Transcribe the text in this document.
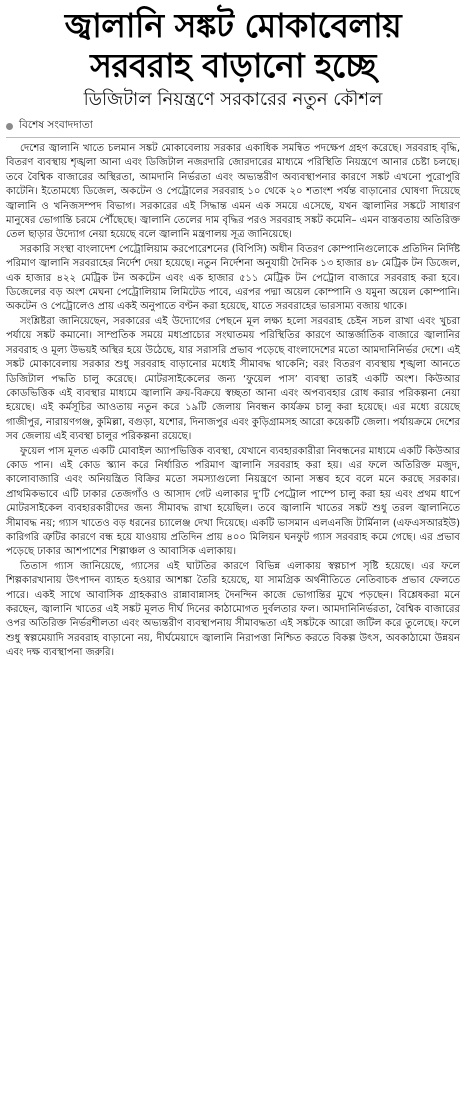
জ্বালানি সঙ্কট মোকাবেলায়
সরবরাহ বাড়ানো হচ্ছে
ডিজিটাল নিয়ন্ত্রণে সরকারের নতুন কৌশল
বিশেষ সংবাদদাতা

দেশের জ্বালানি খাতে চলমান সঙ্কট মোকাবেলায় সরকার একাধিক সমন্বিত পদক্ষেপ গ্রহণ করেছে। সরবরাহ বৃদ্ধি, বিতরণ ব্যবস্থায় শৃঙ্খলা আনা এবং ডিজিটাল নজরদারি জোরদারের মাধ্যমে পরিস্থিতি নিয়ন্ত্রণে আনার চেষ্টা চলছে। তবে বৈশ্বিক বাজারের অস্থিরতা, আমদানি নির্ভরতা এবং অভ্যন্তরীণ অব্যবস্থাপনার কারণে সঙ্কট এখনো পুরোপুরি কাটেনি। ইতোমধ্যে ডিজেল, অকটেন ও পেট্রোলের সরবরাহ ১০ থেকে ২০ শতাংশ পর্যন্ত বাড়ানোর ঘোষণা দিয়েছে জ্বালানি ও খনিজসম্পদ বিভাগ। সরকারের এই সিদ্ধান্ত এমন এক সময়ে এসেছে, যখন জ্বালানির সঙ্কটে সাধারণ মানুষের ভোগান্তি চরমে পৌঁছেছে। জ্বালানি তেলের দাম বৃদ্ধির পরও সরবরাহ সঙ্কট কমেনি– এমন বাস্তবতায় অতিরিক্ত তেল ছাড়ার উদ্যোগ নেয়া হয়েছে বলে জ্বালানি মন্ত্রণালয় সূত্র জানিয়েছে।

সরকারি সংস্থা বাংলাদেশ পেট্রোলিয়াম করপোরেশনের (বিপিসি) অধীন বিতরণ কোম্পানিগুলোকে প্রতিদিন নির্দিষ্ট পরিমাণ জ্বালানি সরবরাহের নির্দেশ দেয়া হয়েছে। নতুন নির্দেশনা অনুযায়ী দৈনিক ১৩ হাজার ৪৮ মেট্রিক টন ডিজেল, এক হাজার ৪২২ মেট্রিক টন অকটেন এবং এক হাজার ৫১১ মেট্রিক টন পেট্রোল বাজারে সরবরাহ করা হবে। ডিজেলের বড় অংশ মেঘনা পেট্রোলিয়াম লিমিটেড পাবে, এরপর পদ্মা অয়েল কোম্পানি ও যমুনা অয়েল কোম্পানি। অকটেন ও পেট্রোলেও প্রায় একই অনুপাতে বণ্টন করা হয়েছে, যাতে সরবরাহের ভারসাম্য বজায় থাকে।

সংশ্লিষ্টরা জানিয়েছেন, সরকারের এই উদ্যোগের পেছনে মূল লক্ষ্য হলো সরবরাহ চেইন সচল রাখা এবং খুচরা পর্যায়ে সঙ্কট কমানো। সাম্প্রতিক সময়ে মধ্যপ্রাচ্যের সংঘাতময় পরিস্থিতির কারণে আন্তর্জাতিক বাজারে জ্বালানির সরবরাহ ও মূল্য উভয়ই অস্থির হয়ে উঠেছে, যার সরাসরি প্রভাব পড়েছে বাংলাদেশের মতো আমদানিনির্ভর দেশে। এই সঙ্কট মোকাবেলায় সরকার শুধু সরবরাহ বাড়ানোর মধ্যেই সীমাবদ্ধ থাকেনি; বরং বিতরণ ব্যবস্থায় শৃঙ্খলা আনতে ডিজিটাল পদ্ধতি চালু করেছে। মোটরসাইকেলের জন্য ‘ফুয়েল পাস’ ব্যবস্থা তারই একটি অংশ। কিউআর কোডভিত্তিক এই ব্যবস্থার মাধ্যমে জ্বালানি ক্রয়-বিক্রয়ে স্বচ্ছতা আনা এবং অপব্যবহার রোধ করার পরিকল্পনা নেয়া হয়েছে। এই কর্মসূচির আওতায় নতুন করে ১৯টি জেলায় নিবন্ধন কার্যক্রম চালু করা হয়েছে। এর মধ্যে রয়েছে গাজীপুর, নারায়ণগঞ্জ, কুমিল্লা, বগুড়া, যশোর, দিনাজপুর এবং কুড়িগ্রামসহ আরো কয়েকটি জেলা। পর্যায়ক্রমে দেশের সব জেলায় এই ব্যবস্থা চালুর পরিকল্পনা রয়েছে।

ফুয়েল পাস মূলত একটি মোবাইল অ্যাপভিত্তিক ব্যবস্থা, যেখানে ব্যবহারকারীরা নিবন্ধনের মাধ্যমে একটি কিউআর কোড পান। এই কোড স্ক্যান করে নির্ধারিত পরিমাণ জ্বালানি সরবরাহ করা হয়। এর ফলে অতিরিক্ত মজুদ, কালোবাজারি এবং অনিয়ন্ত্রিত বিক্রির মতো সমস্যাগুলো নিয়ন্ত্রণে আনা সম্ভব হবে বলে মনে করছে সরকার। প্রাথমিকভাবে এটি ঢাকার তেজগাঁও ও আসাদ গেট এলাকার দু’টি পেট্রোল পাম্পে চালু করা হয় এবং প্রথম ধাপে মোটরসাইকেল ব্যবহারকারীদের জন্য সীমাবদ্ধ রাখা হয়েছিল। তবে জ্বালানি খাতের সঙ্কট শুধু তরল জ্বালানিতে সীমাবদ্ধ নয়; গ্যাস খাতেও বড় ধরনের চ্যালেঞ্জ দেখা দিয়েছে। একটি ভাসমান এলএনজি টার্মিনাল (এফএসআরইউ) কারিগরি ত্রুটির কারণে বন্ধ হয়ে যাওয়ায় প্রতিদিন প্রায় ৪০০ মিলিয়ন ঘনফুট গ্যাস সরবরাহ কমে গেছে। এর প্রভাব পড়েছে ঢাকার আশপাশের শিল্পাঞ্চল ও আবাসিক এলাকায়।

তিতাস গ্যাস জানিয়েছে, গ্যাসের এই ঘাটতির কারণে বিভিন্ন এলাকায় স্বল্পচাপ সৃষ্টি হয়েছে। এর ফলে শিল্পকারখানায় উৎপাদন ব্যাহত হওয়ার আশঙ্কা তৈরি হয়েছে, যা সামগ্রিক অর্থনীতিতে নেতিবাচক প্রভাব ফেলতে পারে। একই সাথে আবাসিক গ্রাহকরাও রান্নাবান্নাসহ দৈনন্দিন কাজে ভোগান্তির মুখে পড়ছেন। বিশ্লেষকরা মনে করছেন, জ্বালানি খাতের এই সঙ্কট মূলত দীর্ঘ দিনের কাঠামোগত দুর্বলতার ফল। আমদানিনির্ভরতা, বৈশ্বিক বাজারের ওপর অতিরিক্ত নির্ভরশীলতা এবং অভ্যন্তরীণ ব্যবস্থাপনায় সীমাবদ্ধতা এই সঙ্কটকে আরো জটিল করে তুলেছে। ফলে শুধু স্বল্পমেয়াদি সরবরাহ বাড়ানো নয়, দীর্ঘমেয়াদে জ্বালানি নিরাপত্তা নিশ্চিত করতে বিকল্প উৎস, অবকাঠামো উন্নয়ন এবং দক্ষ ব্যবস্থাপনা জরুরি।
